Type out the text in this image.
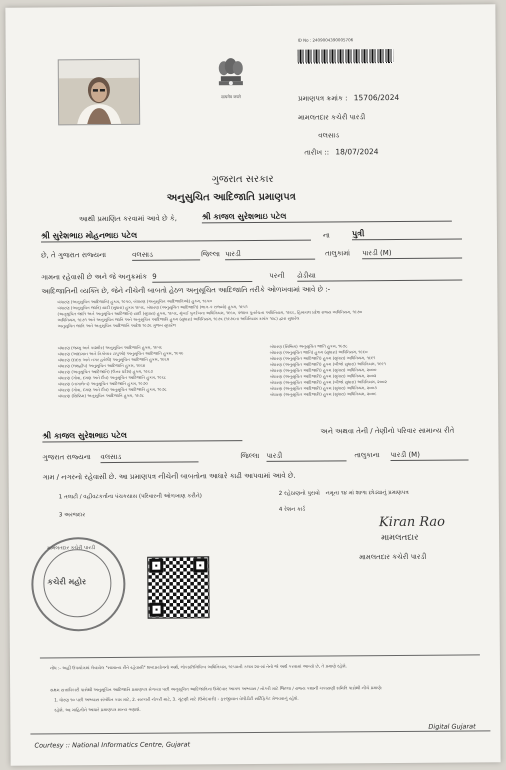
सत्यमेव जयते
ID No : 2409004390005706
પ્રમાણપત્ર ક્રમાંક : 15706/2024
મામલતદાર કચેરી પારડી
વલસાડ
તારીખ :: 18/07/2024
ગુજરાત સરકાર
અનુસુચિત આદિજાતિ પ્રમાણપત્ર
આથી પ્રમાણિત કરવામાં આવે છે કે,	શ્રી કાજલ સુરેશભાઇ પટેલ
શ્રી સુરેશભાઇ મોહનભાઇ પટેલ	ના	પુત્રી
છે, તે ગુજરાત રાજ્યના	વલસાડ	જિલ્લા પારડી	તાલુકામાં પારડી (M)
ગામના રહેવાસી છે અને જે અનુક્રમાંક 9	પરની ઢોડીયા
આદિજાતિની વ્યક્તિ છે, જેને નીચેની બાબતો હેઠળ અનુસૂચિત આદિજાતિ તરીકે ઓળખવામાં આવે છે :-
બંધારણ (અનુસૂચિત આદિજાતિ) હુકમ, ૧૯૫૦, બંધારણ (અનુસૂચિત આદિજાતિઓ) હુકમ, ૧૯૫૦
બંધારણ (અનુસૂચિત જાતિ) યાદી (સુધારા) હુકમ ૧૯૫૬, બંધારણ (અનુસૂચિત આદિજાતિ) (ભાગ-ક રાજ્યો) હુકમ, ૧૯૫૧
(અનુસૂચિત જાતિ અને અનુસૂચિત આદિજાતિ) યાદી (સુધારા) હુકમ, ૧૯૫૬, મુંબઈ પુનર્રચના અધિનિયમ, ૧૯૬૦, પંજાબ પુનર્રચના અધિનિયમ, ૧૯૬૬, હિમાચલ પ્રદેશ રાજ્ય અધિનિયમ, ૧૯૭૦
અધિનિયમ, ૧૯૭૧ અને અનુસૂચિત જાતિ અને અનુસૂચિત આદિજાતિ હુકમ (સુધારા) અધિનિયમ, ૧૯૭૬ (૧૯૭૬ના અધિનિયમ ક્રમાંક ૧૦૮) દ્વારા સુધારેલ
અનુસૂચિત જાતિ અને અનુસૂચિત આદિજાતિ આદેશ ૧૯૭૬ મુજબ સુધારેલ
બંધારણ (જમ્મુ અને કાશ્મીર) અનુસૂચિત આદિજાતિ હુકમ, ૧૯૫૬
બંધારણ (આંદામાન અને નિકોબાર ટાપુઓ) અનુસૂચિત આદિજાતિ હુકમ, ૧૯૫૯
બંધારણ (દાદરા અને નગર હવેલી) અનુસૂચિત આદિજાતિ હુકમ, ૧૯૬૨
બંધારણ (લક્ષદ્વીપ) અનુસૂચિત આદિજાતિ હુકમ, ૧૯૬૪
બંધારણ (અનુસૂચિત આદિજાતિ) (ઉત્તર પ્રદેશ) હુકમ, ૧૯૬૭
બંધારણ (ગોવા, દમણ અને દીવ) અનુસૂચિત આદિજાતિ હુકમ, ૧૯૬૮
બંધારણ (નાગાલેન્ડ) અનુસૂચિત આદિજાતિ હુકમ, ૧૯૭૦
બંધારણ (ગોવા, દમણ અને દીવ) અનુસૂચિત આદિજાતિ હુકમ, ૧૯૭૮
બંધારણ (સિક્કિમ) અનુસૂચિત આદિજાતિ હુકમ, ૧૯૭૮
બંધારણ (સિક્કિમ) અનુસૂચિત જાતિ હુકમ, ૧૯૭૮
બંધારણ (અનુસૂચિત જાતિ) હુકમ (સુધારા) અધિનિયમ, ૧૯૯૦
બંધારણ (અનુસૂચિત આદિજાતિ) હુકમ (સુધારા) અધિનિયમ, ૧૯૯૧
બંધારણ (અનુસૂચિત આદિજાતિ) હુકમ (બીજો સુધારા) અધિનિયમ, ૧૯૯૧
બંધારણ (અનુસૂચિત આદિજાતિ) હુકમ (સુધારા) અધિનિયમ, ૨૦૦૦
બંધારણ (અનુસૂચિત આદિજાતિ) હુકમ (સુધારા) અધિનિયમ, ૨૦૦૨
બંધારણ (અનુસૂચિત આદિજાતિ) હુકમ (બીજો સુધારા) અધિનિયમ, ૨૦૦૨
બંધારણ (અનુસૂચિત આદિજાતિ) હુકમ (સુધારા) અધિનિયમ, ૨૦૦૩
બંધારણ (અનુસૂચિત આદિજાતિ) હુકમ (સુધારા) અધિનિયમ, ૨૦૦૬
શ્રી કાજલ સુરેશભાઇ પટેલ	અને અથવા તેની / તેણીનો પરિવાર સામાન્ય રીતે
ગુજરાત રાજ્યના વલસાડ	જિલ્લા પારડી	તાલુકાના પારડી (M)
ગામ / નગરનો રહેવાસી છે. આ પ્રમાણપત્ર નીચેની બાબતોના આધારે કાઢી આપવામાં આવે છે.
1 તલાટી / વહીવટકર્તાના પંચકયાસ (પરિવારની ઓળખાણ કરીને)	2 રહેઠાણનો પુરાવો નમૂના ૧૪ માં શાળા છોડ્યાનું પ્રમાણપત્ર
3 અરજદાર
4 રેશન કાર્ડ
મામલતદાર કચેરી પારડી
કચેરી મહોર
Kiran Rao
મામલતદાર
મામલતદાર કચેરી પારડી
નોંધ :- અહીં ઉપયોગમાં લેવાયેલ "સામાન્ય રીતે રહેવાસી" શબ્દપ્રયોગનો અર્થ, લોકપ્રતિનિધિત્વ અધિનિયમ, ૧૯૫૦ની કલમ ૨૦-માં તેનો જે અર્થ કરવામાં આવ્યો છે, તે પ્રમાણે રહેશે.
સક્ષમ સત્તાધિકારી પાસેથી અનુસૂચિત આદિજાતિ પ્રમાણપત્ર મેળવ્યા પછી અનુસૂચિત આદિજાતિના ઉમેદવાર આગળ અભ્યાસ / નોકરી માટે જિલ્લા / રાજ્ય કક્ષાની ચકાસણી સમિતિ પાસેથી નીચે પ્રમાણે:
1. ધોરણ ૧૦ પછી અભ્યાસ સંબંધિત કામ માટે, 2. સરકારી નોકરી માટે, 3. ચૂંટણી માટે (ઉમેદવારી) - ફરજીયાત વેલીડીટી સર્ટિફિકેટ મેળવવાનું રહેશે.
રહેશે. આ માહિતીને આધારે પ્રમાણપત્ર માન્ય ગણાશે.
Courtesy :: National Informatics Centre, Gujarat
Digital Gujarat
